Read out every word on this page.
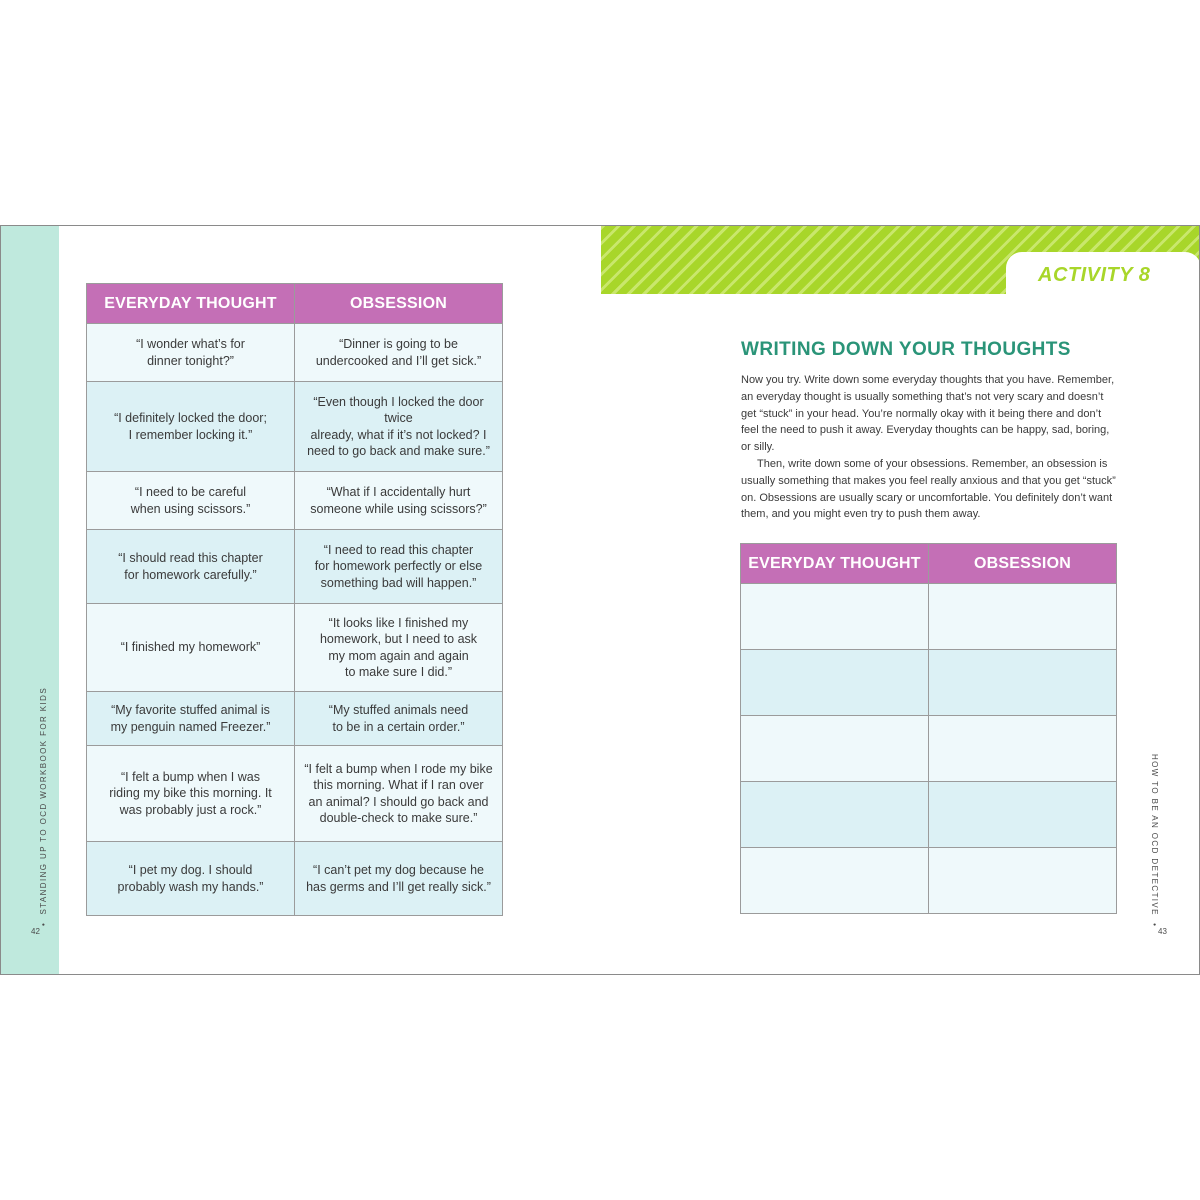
•  STANDING UP TO OCD WORKBOOK FOR KIDS
42
EVERYDAY THOUGHT	OBSESSION
“I wonder what’s for
dinner tonight?”	“Dinner is going to be
undercooked and I’ll get sick.”
“I definitely locked the door;
I remember locking it.”	“Even though I locked the door twice
already, what if it’s not locked? I
need to go back and make sure.”
“I need to be careful
when using scissors.”	“What if I accidentally hurt
someone while using scissors?”
“I should read this chapter
for homework carefully.”	“I need to read this chapter
for homework perfectly or else
something bad will happen.”
“I finished my homework”	“It looks like I finished my
homework, but I need to ask
my mom again and again
to make sure I did.”
“My favorite stuffed animal is
my penguin named Freezer.”	“My stuffed animals need
to be in a certain order.”
“I felt a bump when I was
riding my bike this morning. It
was probably just a rock.”	“I felt a bump when I rode my bike
this morning. What if I ran over
an animal? I should go back and
double-check to make sure.”
“I pet my dog. I should
probably wash my hands.”	“I can’t pet my dog because he
has germs and I’ll get really sick.”
ACTIVITY 8
WRITING DOWN YOUR THOUGHTS

Now you try. Write down some everyday thoughts that you have. Remember, an everyday thought is usually something that’s not very scary and doesn’t get “stuck” in your head. You’re normally okay with it being there and don’t feel the need to push it away. Everyday thoughts can be happy, sad, boring, or silly.

Then, write down some of your obsessions. Remember, an obsession is usually something that makes you feel really anxious and that you get “stuck” on. Obsessions are usually scary or uncomfortable. You definitely don’t want them, and you might even try to push them away.

EVERYDAY THOUGHT	OBSESSION

HOW TO BE AN OCD DETECTIVE  •
43
